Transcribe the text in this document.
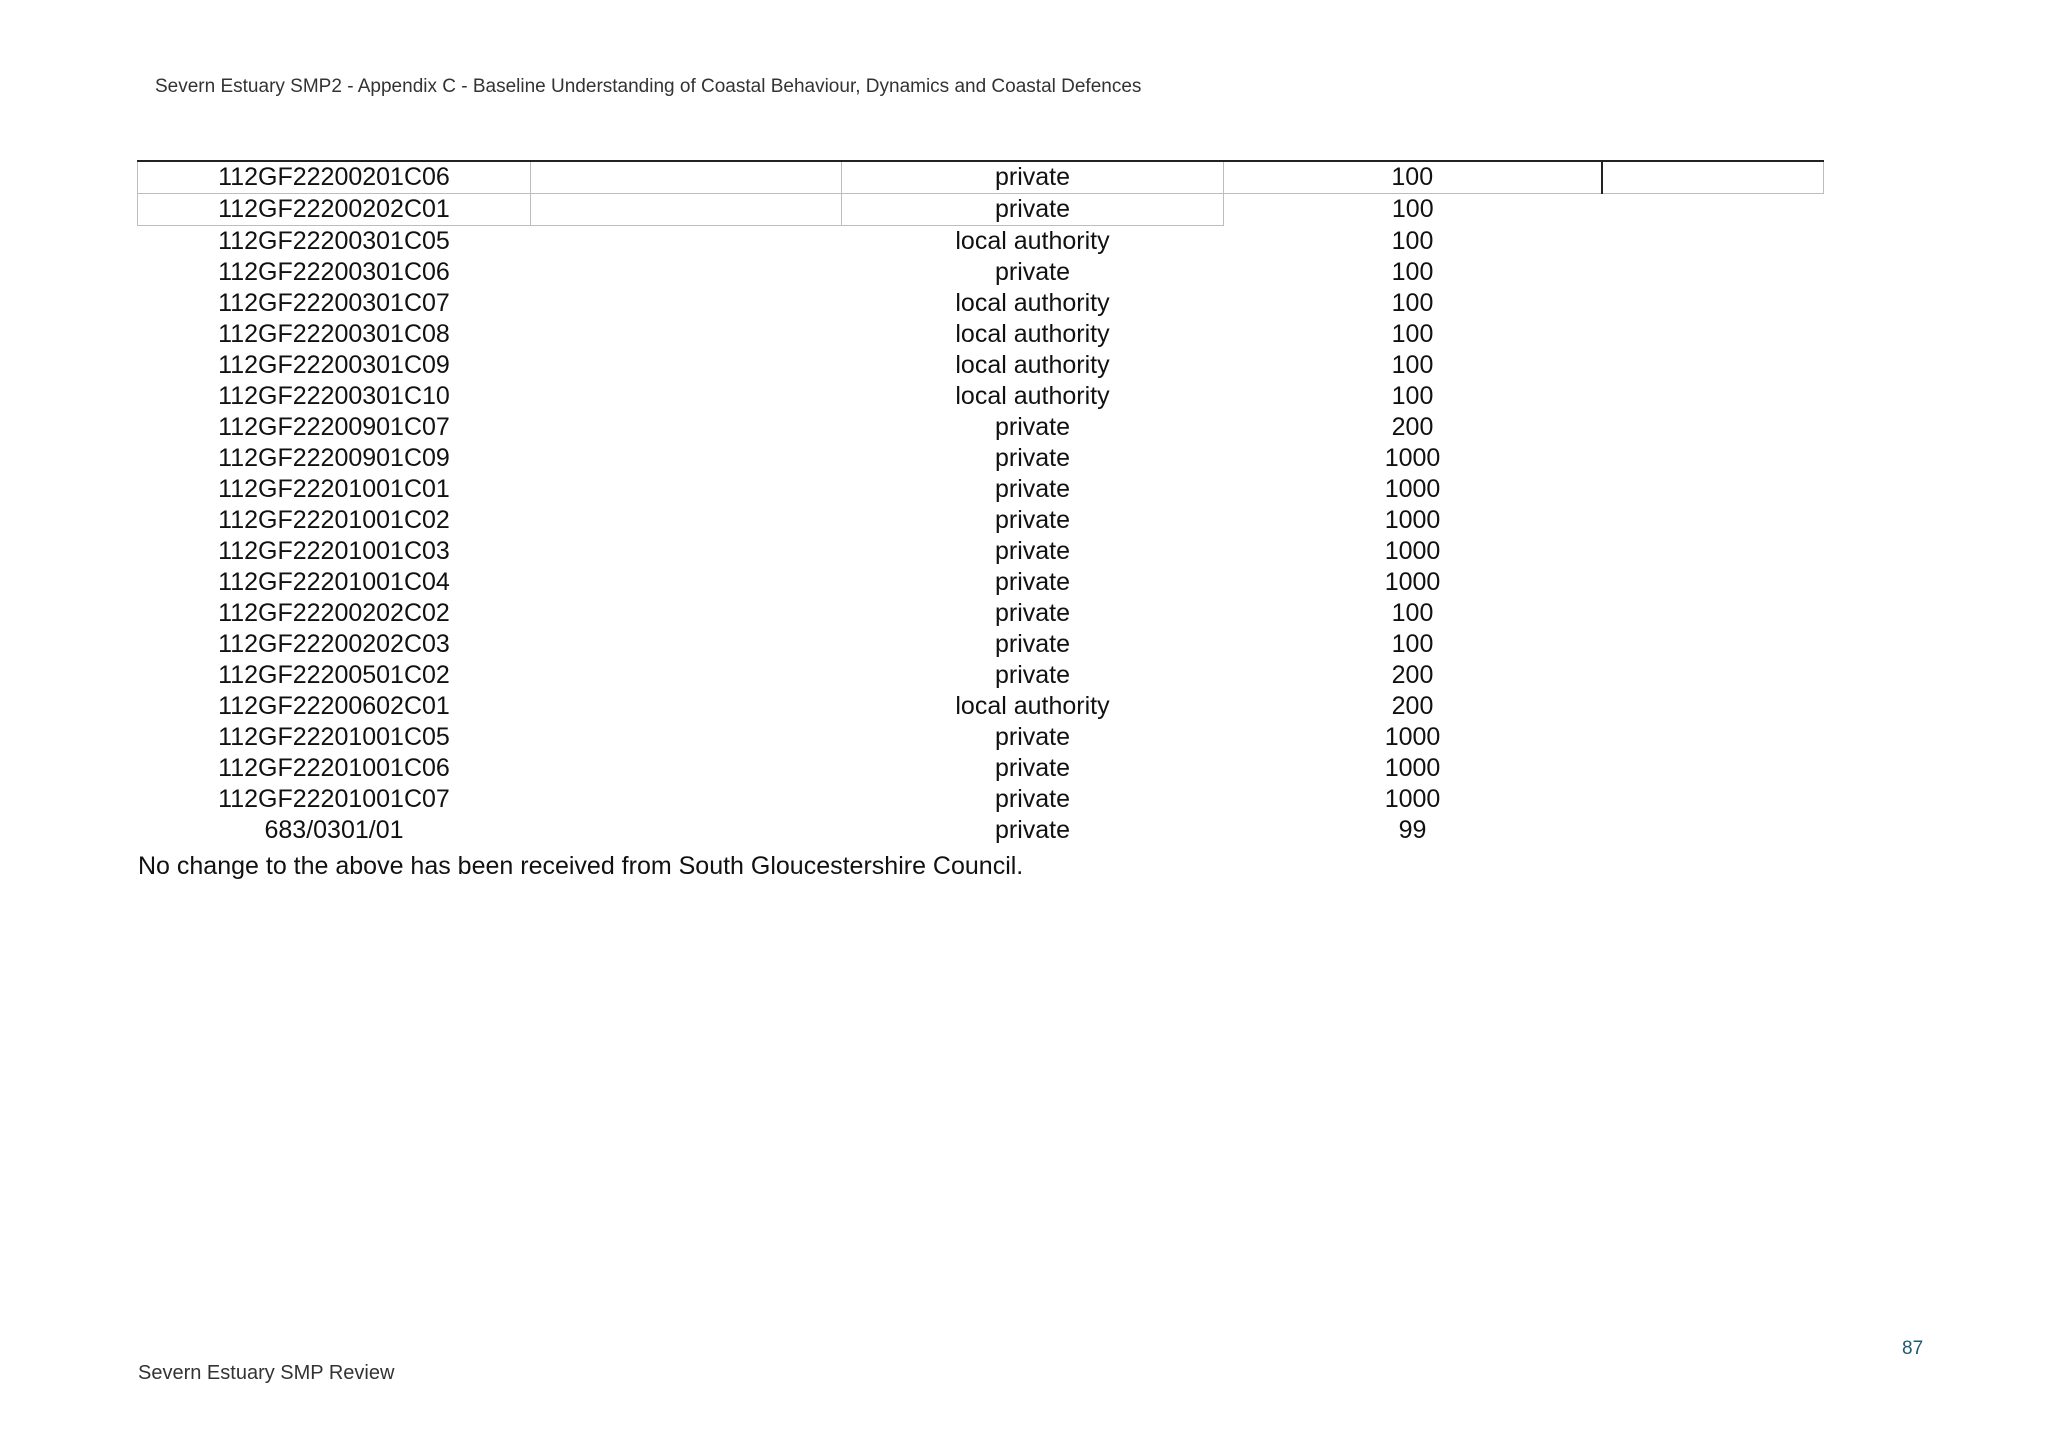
Severn Estuary SMP2 - Appendix C - Baseline Understanding of Coastal Behaviour, Dynamics and Coastal Defences
112GF22200201C06		private	100	
112GF22200202C01		private	100	
112GF22200301C05		local authority	100	
112GF22200301C06		private	100	
112GF22200301C07		local authority	100	
112GF22200301C08		local authority	100	
112GF22200301C09		local authority	100	
112GF22200301C10		local authority	100	
112GF22200901C07		private	200	
112GF22200901C09		private	1000	
112GF22201001C01		private	1000	
112GF22201001C02		private	1000	
112GF22201001C03		private	1000	
112GF22201001C04		private	1000	
112GF22200202C02		private	100	
112GF22200202C03		private	100	
112GF22200501C02		private	200	
112GF22200602C01		local authority	200	
112GF22201001C05		private	1000	
112GF22201001C06		private	1000	
112GF22201001C07		private	1000	
683/0301/01		private	99	
No change to the above has been received from South Gloucestershire Council.
87
Severn Estuary SMP Review
